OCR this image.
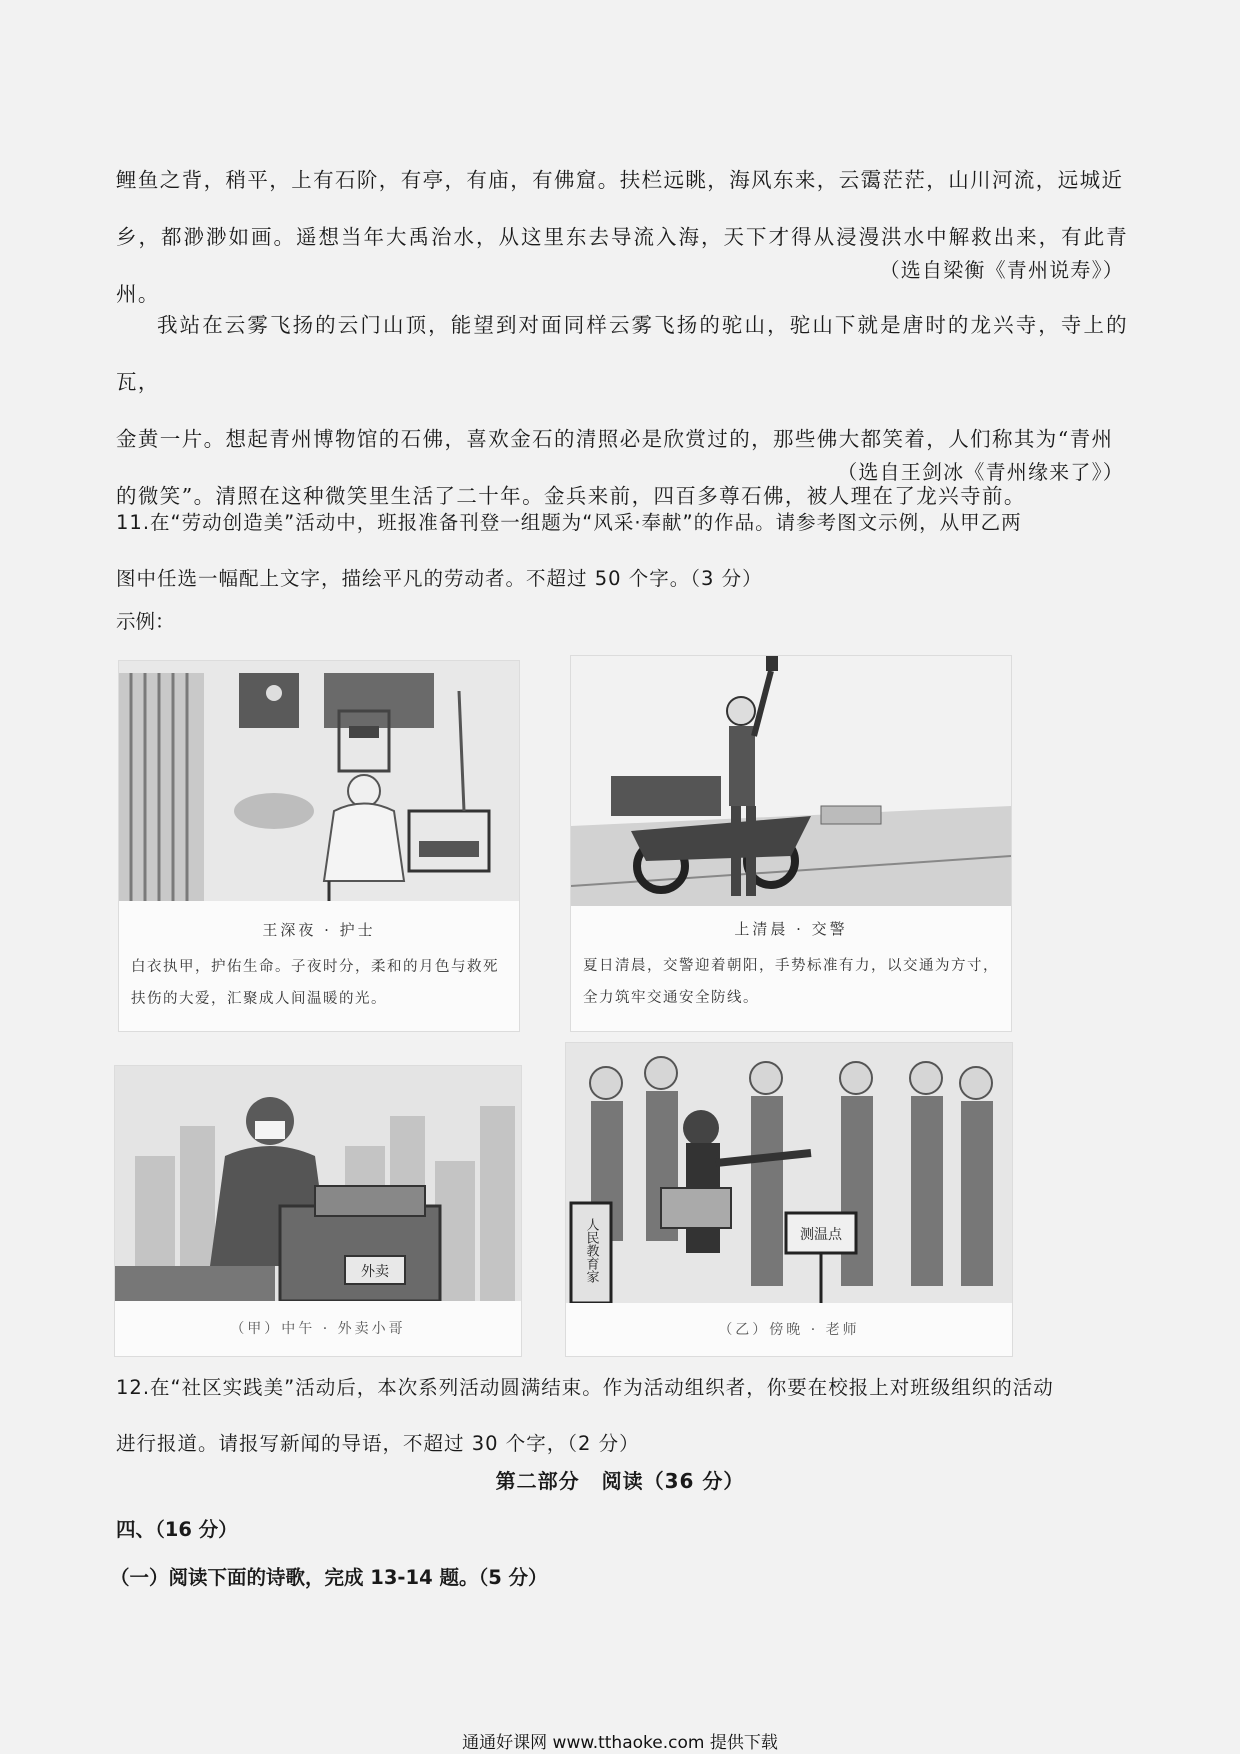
鲤鱼之背，稍平，上有石阶，有亭，有庙，有佛窟。扶栏远眺，海风东来，云霭茫茫，山川河流，远城近
乡，都渺渺如画。遥想当年大禹治水，从这里东去导流入海，天下才得从浸漫洪水中解救出来，有此青州。

（选自梁衡《青州说寿》）

我站在云雾飞扬的云门山顶，能望到对面同样云雾飞扬的驼山，驼山下就是唐时的龙兴寺，寺上的瓦，
金黄一片。想起青州博物馆的石佛，喜欢金石的清照必是欣赏过的，那些佛大都笑着，人们称其为“青州
的微笑”。清照在这种微笑里生活了二十年。金兵来前，四百多尊石佛，被人理在了龙兴寺前。

（选自王剑冰《青州缘来了》）

11.在“劳动创造美”活动中，班报准备刊登一组题为“风采·奉献”的作品。请参考图文示例，从甲乙两
图中任选一幅配上文字，描绘平凡的劳动者。不超过 50 个字。（3 分）

示例：

王深夜 · 护士
白衣执甲，护佑生命。子夜时分，柔和的月色与救死扶伤的大爱，汇聚成人间温暖的光。
上清晨 · 交警
夏日清晨，交警迎着朝阳，手势标准有力，以交通为方寸，全力筑牢交通安全防线。
外卖
（甲）中午 · 外卖小哥
人民教育家	测温点
（乙）傍晚 · 老师

12.在“社区实践美”活动后，本次系列活动圆满结束。作为活动组织者，你要在校报上对班级组织的活动
进行报道。请报写新闻的导语，不超过 30 个字，（2 分）

第二部分 阅读（36 分）
四、（16 分）
（一）阅读下面的诗歌，完成 13-14 题。（5 分）
通通好课网 www.tthaoke.com 提供下载
